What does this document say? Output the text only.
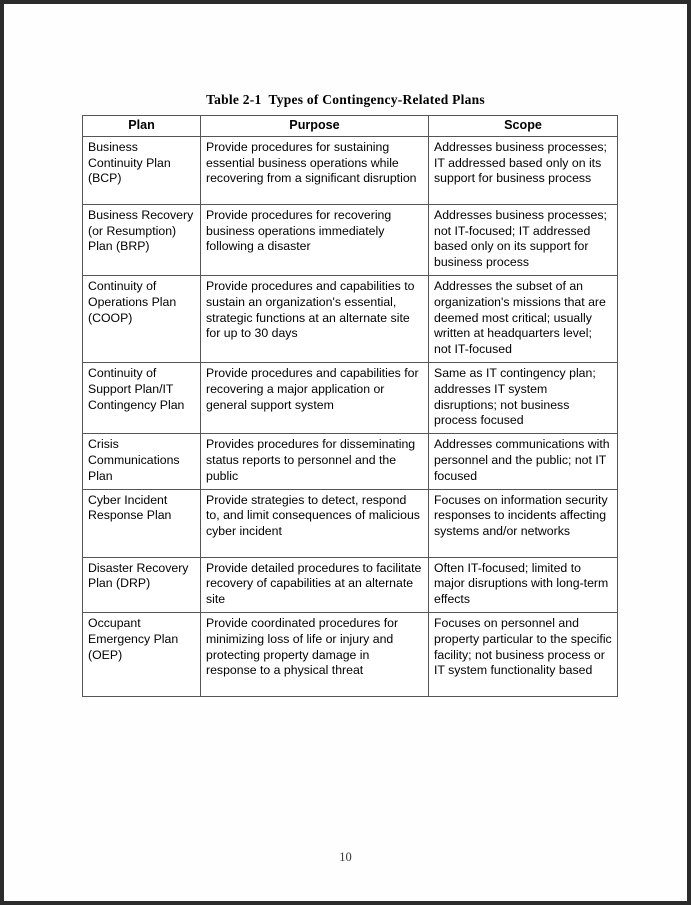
Table 2-1  Types of Contingency-Related Plans
Plan	Purpose	Scope

Business Continuity Plan (BCP)	Provide procedures for sustaining essential business operations while recovering from a significant disruption	Addresses business processes; IT addressed based only on its support for business process

Business Recovery (or Resumption) Plan (BRP)	Provide procedures for recovering business operations immediately following a disaster	Addresses business processes; not IT-focused; IT addressed based only on its support for business process

Continuity of Operations Plan (COOP)	Provide procedures and capabilities to sustain an organization's essential, strategic functions at an alternate site for up to 30 days	Addresses the subset of an organization's missions that are deemed most critical; usually written at headquarters level; not IT-focused

Continuity of Support Plan/IT Contingency Plan	Provide procedures and capabilities for recovering a major application or general support system	Same as IT contingency plan; addresses IT system disruptions; not business process focused

Crisis Communications Plan	Provides procedures for disseminating status reports to personnel and the public	Addresses communications with personnel and the public; not IT focused

Cyber Incident Response Plan	Provide strategies to detect, respond to, and limit consequences of malicious cyber incident	Focuses on information security responses to incidents affecting systems and/or networks

Disaster Recovery Plan (DRP)	Provide detailed procedures to facilitate recovery of capabilities at an alternate site	Often IT-focused; limited to major disruptions with long-term effects

Occupant Emergency Plan (OEP)	Provide coordinated procedures for minimizing loss of life or injury and protecting property damage in response to a physical threat	Focuses on personnel and property particular to the specific facility; not business process or IT system functionality based
10
